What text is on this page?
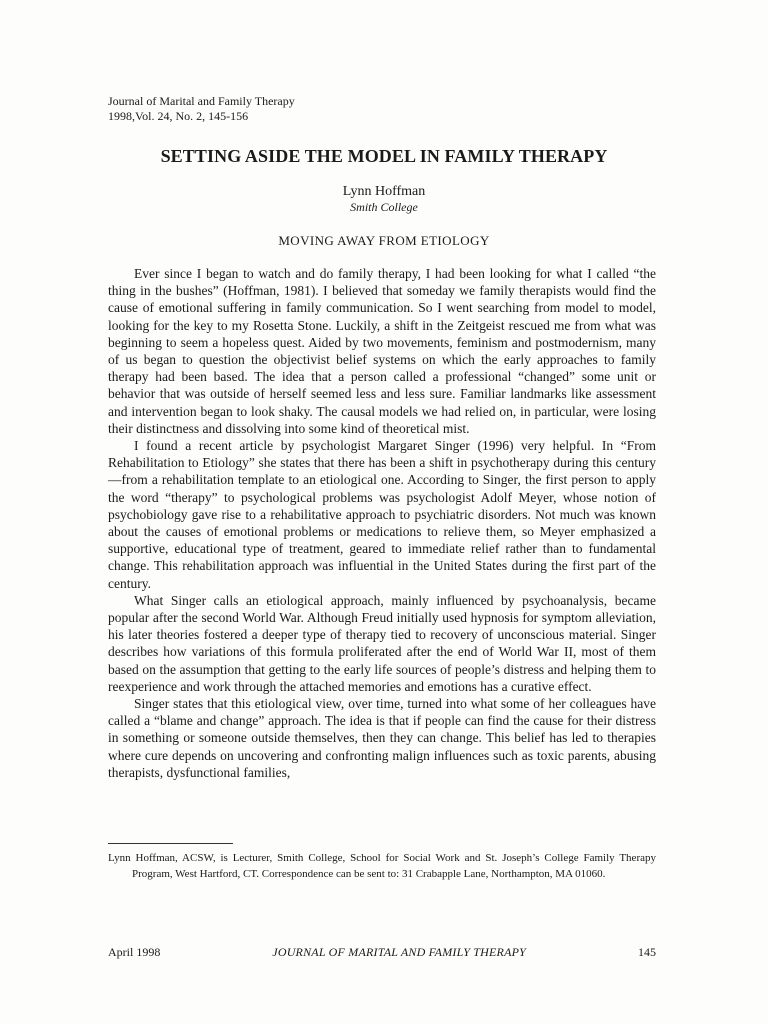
Journal of Marital and Family Therapy
1998,Vol. 24, No. 2, 145-156
SETTING ASIDE THE MODEL IN FAMILY THERAPY
Lynn Hoffman
Smith College
MOVING AWAY FROM ETIOLOGY

Ever since I began to watch and do family therapy, I had been looking for what I called “the thing in the bushes” (Hoffman, 1981). I believed that someday we family therapists would find the cause of emotional suffering in family communication. So I went searching from model to model, looking for the key to my Rosetta Stone. Luckily, a shift in the Zeitgeist rescued me from what was beginning to seem a hopeless quest. Aided by two movements, feminism and postmodernism, many of us began to question the objectivist belief systems on which the early approaches to family therapy had been based. The idea that a person called a professional “changed” some unit or behavior that was outside of herself seemed less and less sure. Familiar landmarks like assessment and intervention began to look shaky. The causal models we had relied on, in particular, were losing their distinctness and dissolving into some kind of theoretical mist.

I found a recent article by psychologist Margaret Singer (1996) very helpful. In “From Rehabilitation to Etiology” she states that there has been a shift in psychotherapy during this century—from a rehabilitation template to an etiological one. According to Singer, the first person to apply the word “therapy” to psychological problems was psychologist Adolf Meyer, whose notion of psychobiology gave rise to a rehabilitative approach to psychiatric disorders. Not much was known about the causes of emotional problems or medications to relieve them, so Meyer emphasized a supportive, educational type of treatment, geared to immediate relief rather than to fundamental change. This rehabilitation approach was influential in the United States during the first part of the century.

What Singer calls an etiological approach, mainly influenced by psychoanalysis, became popular after the second World War. Although Freud initially used hypnosis for symptom alleviation, his later theories fostered a deeper type of therapy tied to recovery of unconscious material. Singer describes how variations of this formula proliferated after the end of World War II, most of them based on the assumption that getting to the early life sources of people’s distress and helping them to reexperience and work through the attached memories and emotions has a curative effect.

Singer states that this etiological view, over time, turned into what some of her colleagues have called a “blame and change” approach. The idea is that if people can find the cause for their distress in something or someone outside themselves, then they can change. This belief has led to therapies where cure depends on uncovering and confronting malign influences such as toxic parents, abusing therapists, dysfunctional families,

Lynn Hoffman, ACSW, is Lecturer, Smith College, School for Social Work and St. Joseph’s College Family Therapy Program, West Hartford, CT. Correspondence can be sent to: 31 Crabapple Lane, Northampton, MA 01060.
April 1998	JOURNAL OF MARITAL AND FAMILY THERAPY	145
